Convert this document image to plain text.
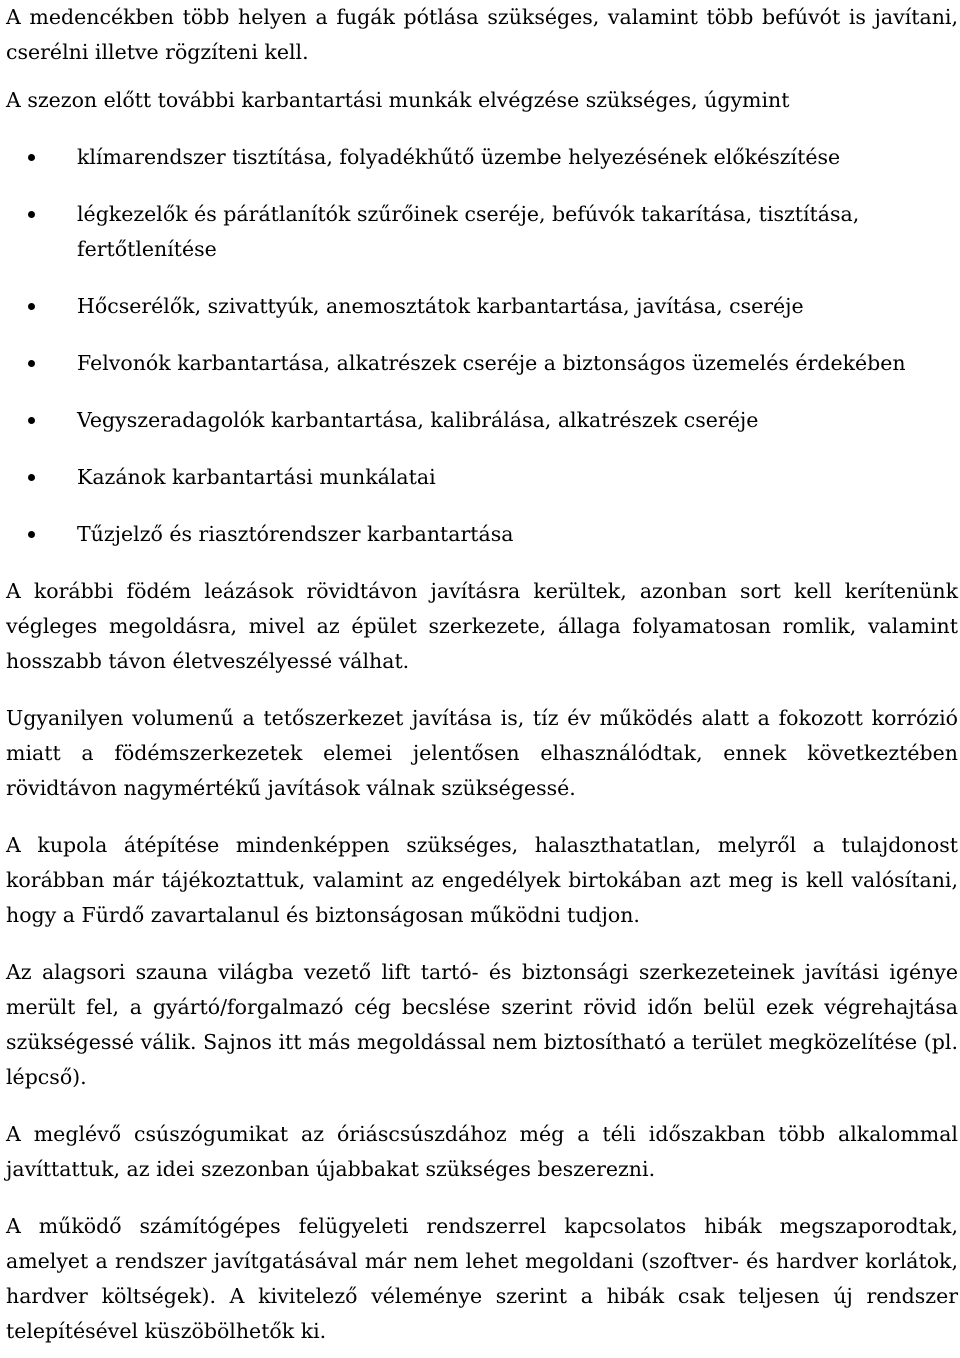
A medencékben több helyen a fugák pótlása szükséges, valamint több befúvót is javítani, cserélni illetve rögzíteni kell.

A szezon előtt további karbantartási munkák elvégzése szükséges, úgymint

klímarendszer tisztítása, folyadékhűtő üzembe helyezésének előkészítése
légkezelők és párátlanítók szűrőinek cseréje, befúvók takarítása, tisztítása, fertőtlenítése
Hőcserélők, szivattyúk, anemosztátok karbantartása, javítása, cseréje
Felvonók karbantartása, alkatrészek cseréje a biztonságos üzemelés érdekében
Vegyszeradagolók karbantartása, kalibrálása, alkatrészek cseréje
Kazánok karbantartási munkálatai
Tűzjelző és riasztórendszer karbantartása

A korábbi födém leázások rövidtávon javításra kerültek, azonban sort kell kerítenünk végleges megoldásra, mivel az épület szerkezete, állaga folyamatosan romlik, valamint hosszabb távon életveszélyessé válhat.

Ugyanilyen volumenű a tetőszerkezet javítása is, tíz év működés alatt a fokozott korrózió miatt a födémszerkezetek elemei jelentősen elhasználódtak, ennek következtében rövidtávon nagymértékű javítások válnak szükségessé.

A kupola átépítése mindenképpen szükséges, halaszthatatlan, melyről a tulajdonost korábban már tájékoztattuk, valamint az engedélyek birtokában azt meg is kell valósítani, hogy a Fürdő zavartalanul és biztonságosan működni tudjon.

Az alagsori szauna világba vezető lift tartó- és biztonsági szerkezeteinek javítási igénye merült fel, a gyártó/forgalmazó cég becslése szerint rövid időn belül ezek végrehajtása szükségessé válik. Sajnos itt más megoldással nem biztosítható a terület megközelítése (pl. lépcső).

A meglévő csúszógumikat az óriáscsúszdához még a téli időszakban több alkalommal javíttattuk, az idei szezonban újabbakat szükséges beszerezni.

A működő számítógépes felügyeleti rendszerrel kapcsolatos hibák megszaporodtak, amelyet a rendszer javítgatásával már nem lehet megoldani (szoftver- és hardver korlátok, hardver költségek). A kivitelező véleménye szerint a hibák csak teljesen új rendszer telepítésével küszöbölhetők ki.
